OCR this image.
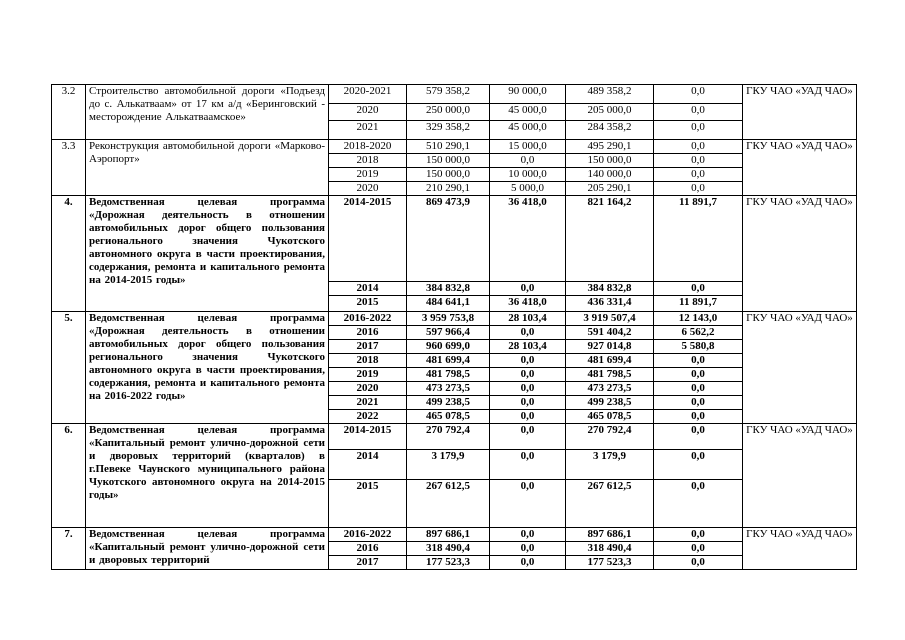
3.2	Строительство автомобильной дороги «Подъезд до с. Алькатваам» от 17 км а/д «Беринговский - месторождение Алькатваамское»	2020-2021	579 358,2	90 000,0	489 358,2	0,0	ГКУ ЧАО «УАД ЧАО»
		2020	250 000,0	45 000,0	205 000,0	0,0	
		2021	329 358,2	45 000,0	284 358,2	0,0	
3.3	Реконструкция автомобильной дороги «Марково-Аэропорт»	2018-2020	510 290,1	15 000,0	495 290,1	0,0	ГКУ ЧАО «УАД ЧАО»
		2018	150 000,0	0,0	150 000,0	0,0	
		2019	150 000,0	10 000,0	140 000,0	0,0	
		2020	210 290,1	5 000,0	205 290,1	0,0	
4.	Ведомственная целевая программа «Дорожная деятельность в отношении автомобильных дорог общего пользования регионального значения Чукотского автономного округа в части проектирования, содержания, ремонта и капитального ремонта на 2014-2015 годы»	2014-2015	869 473,9	36 418,0	821 164,2	11 891,7	ГКУ ЧАО «УАД ЧАО»
		2014	384 832,8	0,0	384 832,8	0,0	
		2015	484 641,1	36 418,0	436 331,4	11 891,7	
5.	Ведомственная целевая программа «Дорожная деятельность в отношении автомобильных дорог общего пользования регионального значения Чукотского автономного округа в части проектирования, содержания, ремонта и капитального ремонта на 2016-2022 годы»	2016-2022	3 959 753,8	28 103,4	3 919 507,4	12 143,0	ГКУ ЧАО «УАД ЧАО»
		2016	597 966,4	0,0	591 404,2	6 562,2	
		2017	960 699,0	28 103,4	927 014,8	5 580,8	
		2018	481 699,4	0,0	481 699,4	0,0	
		2019	481 798,5	0,0	481 798,5	0,0	
		2020	473 273,5	0,0	473 273,5	0,0	
		2021	499 238,5	0,0	499 238,5	0,0	
		2022	465 078,5	0,0	465 078,5	0,0	
6.	Ведомственная целевая программа «Капитальный ремонт улично-дорожной сети и дворовых территорий (кварталов) в г.Певеке Чаунского муниципального района Чукотского автономного округа на 2014-2015 годы»	2014-2015	270 792,4	0,0	270 792,4	0,0	ГКУ ЧАО «УАД ЧАО»
		2014	3 179,9	0,0	3 179,9	0,0	
		2015	267 612,5	0,0	267 612,5	0,0	
7.	Ведомственная целевая программа «Капитальный ремонт улично-дорожной сети и дворовых территорий	2016-2022	897 686,1	0,0	897 686,1	0,0	ГКУ ЧАО «УАД ЧАО»
		2016	318 490,4	0,0	318 490,4	0,0	
		2017	177 523,3	0,0	177 523,3	0,0	
